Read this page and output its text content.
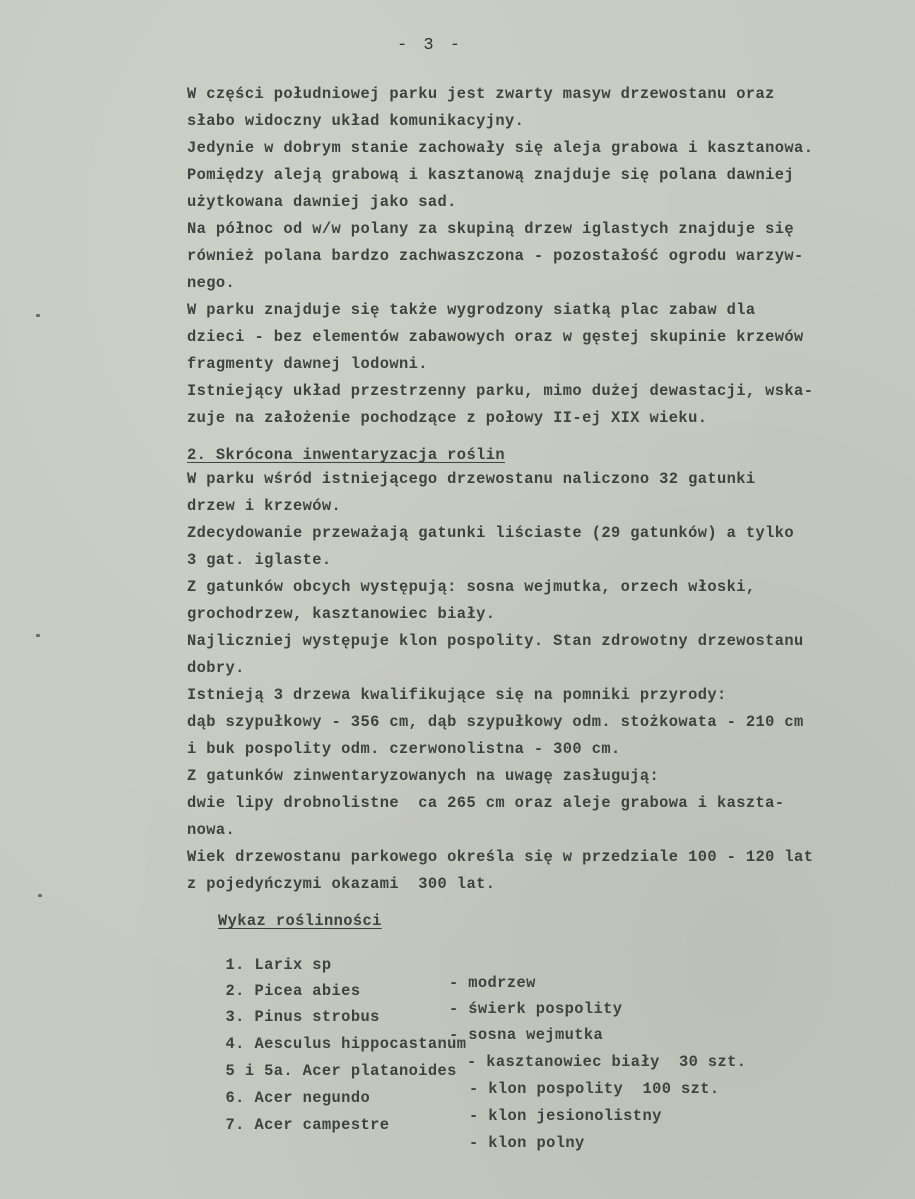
- 3 -
W części południowej parku jest zwarty masyw drzewostanu oraz
słabo widoczny układ komunikacyjny.
Jedynie w dobrym stanie zachowały się aleja grabowa i kasztanowa.
Pomiędzy aleją grabową i kasztanową znajduje się polana dawniej
użytkowana dawniej jako sad.
Na północ od w/w polany za skupiną drzew iglastych znajduje się
również polana bardzo zachwaszczona - pozostałość ogrodu warzyw-
nego.
W parku znajduje się także wygrodzony siatką plac zabaw dla
dzieci - bez elementów zabawowych oraz w gęstej skupinie krzewów
fragmenty dawnej lodowni.
Istniejący układ przestrzenny parku, mimo dużej dewastacji, wska-
zuje na założenie pochodzące z połowy II-ej XIX wieku.
2. Skrócona inwentaryzacja roślin
W parku wśród istniejącego drzewostanu naliczono 32 gatunki
drzew i krzewów.
Zdecydowanie przeważają gatunki liściaste (29 gatunków) a tylko
3 gat. iglaste.
Z gatunków obcych występują: sosna wejmutka, orzech włoski,
grochodrzew, kasztanowiec biały.
Najliczniej występuje klon pospolity. Stan zdrowotny drzewostanu
dobry.
Istnieją 3 drzewa kwalifikujące się na pomniki przyrody:
dąb szypułkowy - 356 cm, dąb szypułkowy odm. stożkowata - 210 cm
i buk pospolity odm. czerwonolistna - 300 cm.
Z gatunków zinwentaryzowanych na uwagę zasługują:
dwie lipy drobnolistne  ca 265 cm oraz aleje grabowa i kaszta-
nowa.
Wiek drzewostanu parkowego określa się w przedziale 100 - 120 lat
z pojedyńczymi okazami  300 lat.
Wykaz roślinności

1. Larix sp

- modrzew

2. Picea abies

- świerk pospolity

3. Pinus strobus

- sosna wejmutka

4. Aesculus hippocastanum

- kasztanowiec biały  30 szt.

5 i 5a. Acer platanoides

- klon pospolity  100 szt.

6. Acer negundo

- klon jesionolistny

7. Acer campestre

- klon polny
